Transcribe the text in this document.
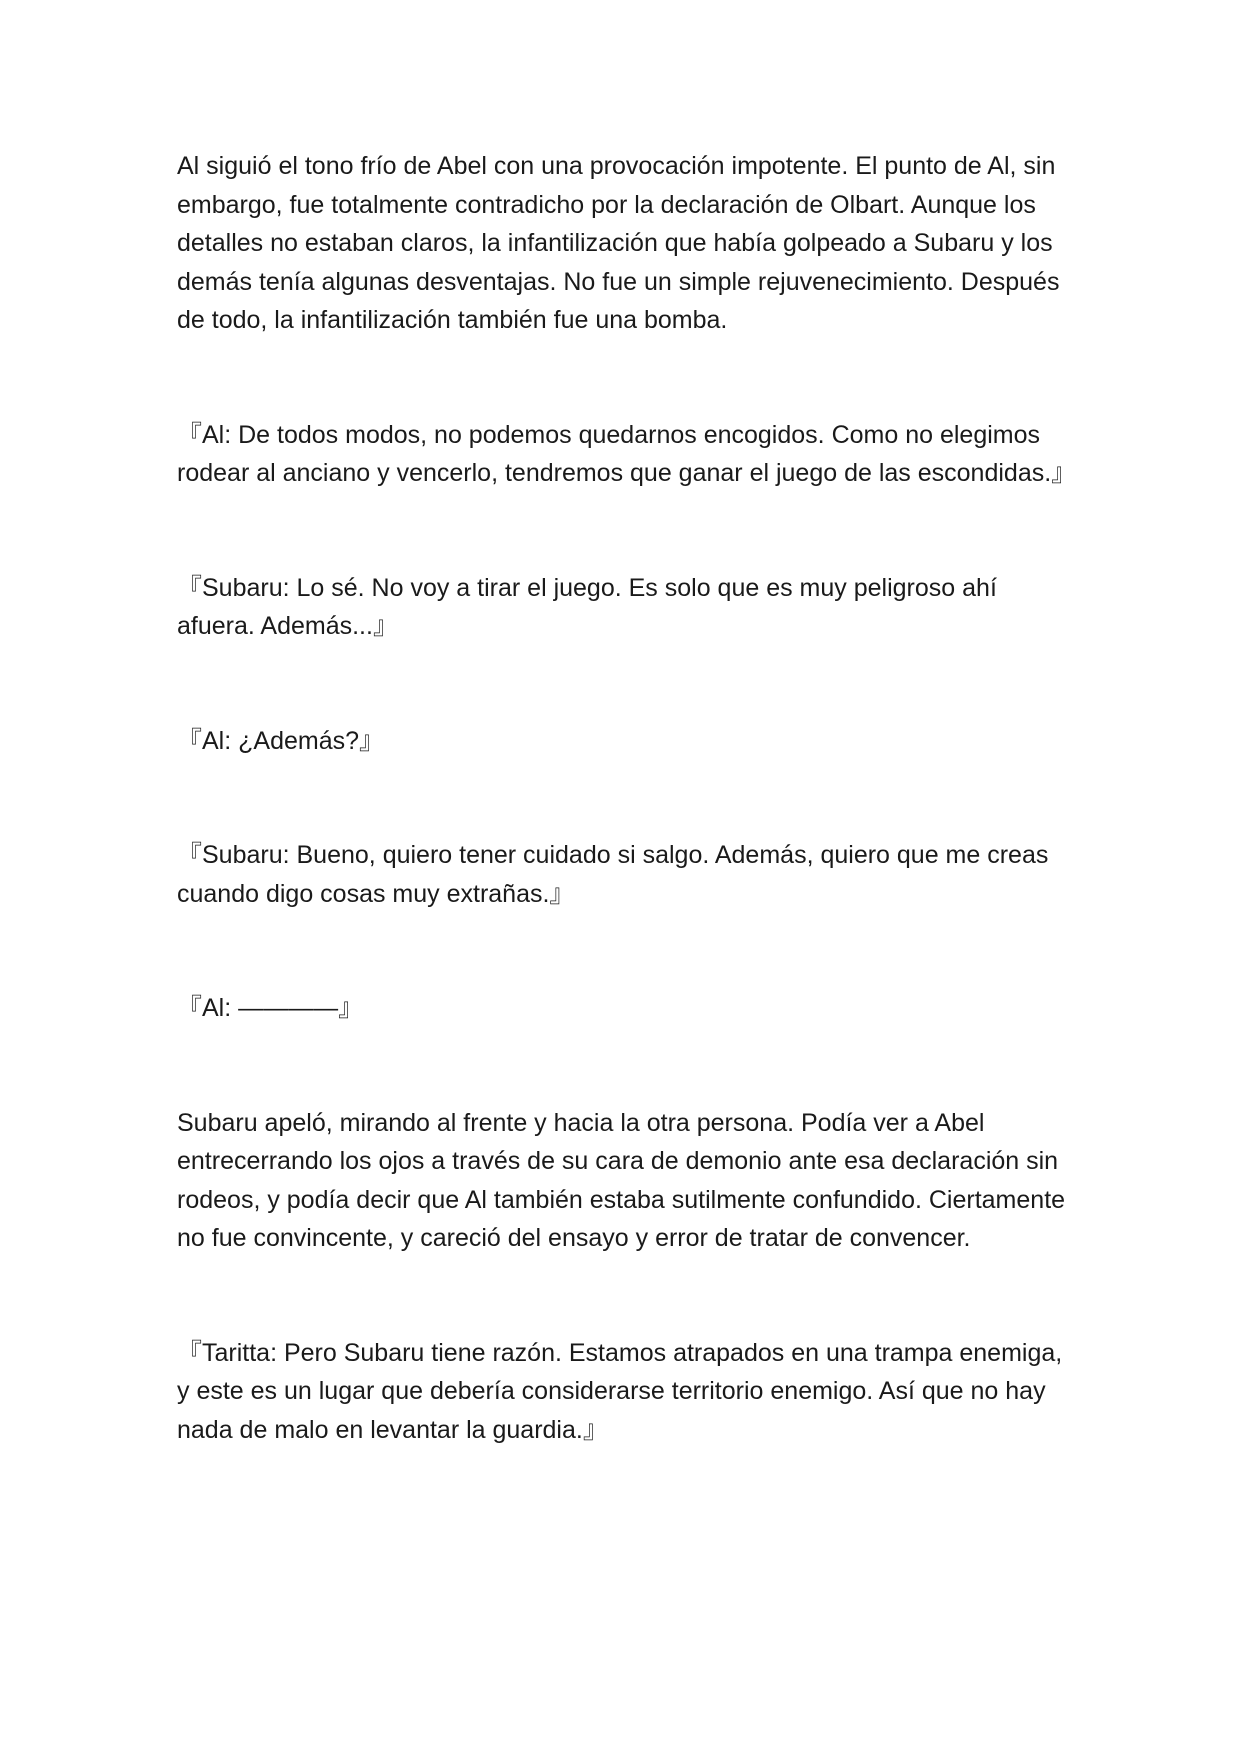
Al siguió el tono frío de Abel con una provocación impotente. El punto de Al, sin embargo, fue totalmente contradicho por la declaración de Olbart. Aunque los detalles no estaban claros, la infantilización que había golpeado a Subaru y los demás tenía algunas desventajas. No fue un simple rejuvenecimiento. Después de todo, la infantilización también fue una bomba.

『Al: De todos modos, no podemos quedarnos encogidos. Como no elegimos rodear al anciano y vencerlo, tendremos que ganar el juego de las escondidas.』

『Subaru: Lo sé. No voy a tirar el juego. Es solo que es muy peligroso ahí afuera. Además...』

『Al: ¿Además?』

『Subaru: Bueno, quiero tener cuidado si salgo. Además, quiero que me creas cuando digo cosas muy extrañas.』

『Al: ————』

Subaru apeló, mirando al frente y hacia la otra persona. Podía ver a Abel entrecerrando los ojos a través de su cara de demonio ante esa declaración sin rodeos, y podía decir que Al también estaba sutilmente confundido. Ciertamente no fue convincente, y careció del ensayo y error de tratar de convencer.

『Taritta: Pero Subaru tiene razón. Estamos atrapados en una trampa enemiga, y este es un lugar que debería considerarse territorio enemigo. Así que no hay nada de malo en levantar la guardia.』
